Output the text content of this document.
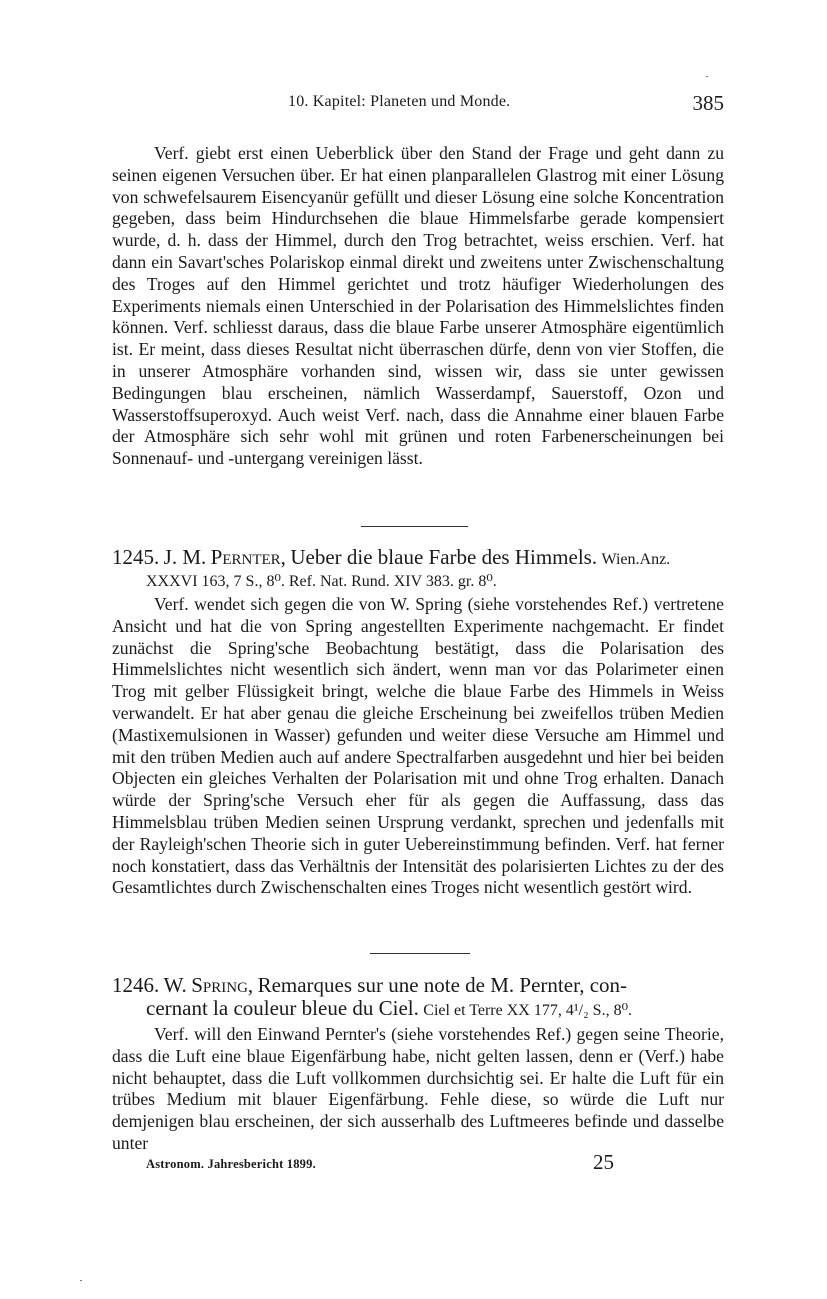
10. Kapitel: Planeten und Monde.	385

Verf. giebt erst einen Ueberblick über den Stand der Frage und geht dann zu seinen eigenen Versuchen über. Er hat einen planparallelen Glastrog mit einer Lösung von schwefelsaurem Eisencyanür gefüllt und dieser Lösung eine solche Koncentration gegeben, dass beim Hindurchsehen die blaue Himmelsfarbe gerade kompensiert wurde, d. h. dass der Himmel, durch den Trog betrachtet, weiss erschien. Verf. hat dann ein Savart'sches Polariskop einmal direkt und zweitens unter Zwischenschaltung des Troges auf den Himmel gerichtet und trotz häufiger Wiederholungen des Experiments niemals einen Unterschied in der Polarisation des Himmelslichtes finden können. Verf. schliesst daraus, dass die blaue Farbe unserer Atmosphäre eigentümlich ist. Er meint, dass dieses Resultat nicht überraschen dürfe, denn von vier Stoffen, die in unserer Atmosphäre vorhanden sind, wissen wir, dass sie unter gewissen Bedingungen blau erscheinen, nämlich Wasserdampf, Sauerstoff, Ozon und Wasserstoffsuperoxyd. Auch weist Verf. nach, dass die Annahme einer blauen Farbe der Atmosphäre sich sehr wohl mit grünen und roten Farbenerscheinungen bei Sonnenauf- und -untergang vereinigen lässt.

1245. J. M. Pernter, Ueber die blaue Farbe des Himmels. Wien.Anz.
XXXVI 163, 7 S., 8⁰. Ref. Nat. Rund. XIV 383. gr. 8⁰.

Verf. wendet sich gegen die von W. Spring (siehe vorstehendes Ref.) vertretene Ansicht und hat die von Spring angestellten Experimente nachgemacht. Er findet zunächst die Spring'sche Beobachtung bestätigt, dass die Polarisation des Himmelslichtes nicht wesentlich sich ändert, wenn man vor das Polarimeter einen Trog mit gelber Flüssigkeit bringt, welche die blaue Farbe des Himmels in Weiss verwandelt. Er hat aber genau die gleiche Erscheinung bei zweifellos trüben Medien (Mastixemulsionen in Wasser) gefunden und weiter diese Versuche am Himmel und mit den trüben Medien auch auf andere Spectralfarben ausgedehnt und hier bei beiden Objecten ein gleiches Verhalten der Polarisation mit und ohne Trog erhalten. Danach würde der Spring'sche Versuch eher für als gegen die Auffassung, dass das Himmelsblau trüben Medien seinen Ursprung verdankt, sprechen und jedenfalls mit der Rayleigh'schen Theorie sich in guter Uebereinstimmung befinden. Verf. hat ferner noch konstatiert, dass das Verhältnis der Intensität des polarisierten Lichtes zu der des Gesamtlichtes durch Zwischenschalten eines Troges nicht wesentlich gestört wird.

1246. W. Spring, Remarques sur une note de M. Pernter, con-
cernant la couleur bleue du Ciel. Ciel et Terre XX 177, 4¹/₂ S., 8⁰.

Verf. will den Einwand Pernter's (siehe vorstehendes Ref.) gegen seine Theorie, dass die Luft eine blaue Eigenfärbung habe, nicht gelten lassen, denn er (Verf.) habe nicht behauptet, dass die Luft vollkommen durchsichtig sei. Er halte die Luft für ein trübes Medium mit blauer Eigenfärbung. Fehle diese, so würde die Luft nur demjenigen blau erscheinen, der sich ausserhalb des Luftmeeres befinde und dasselbe unter

Astronom. Jahresbericht 1899.	25
